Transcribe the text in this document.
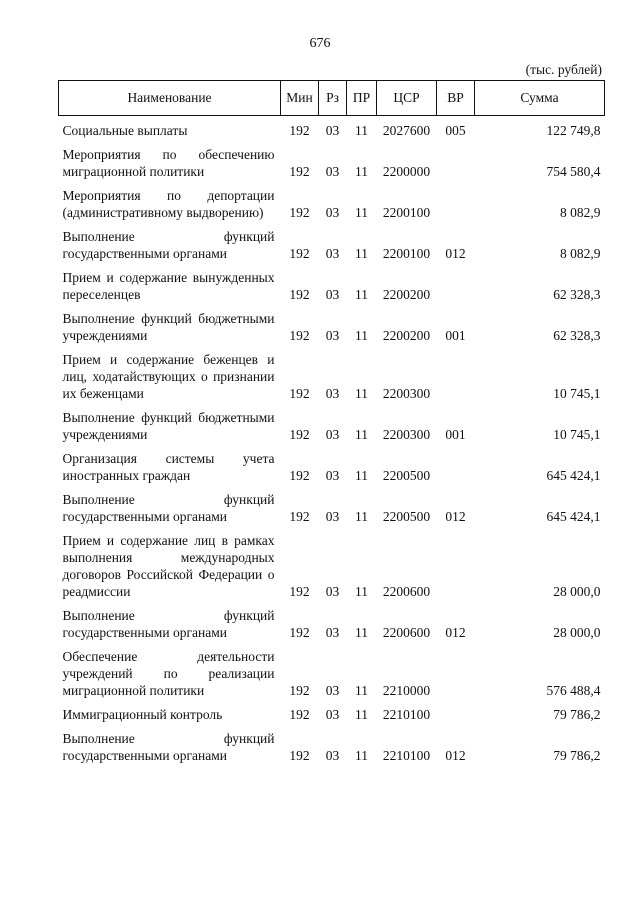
676
(тыс. рублей)
Наименование	Мин	Рз	ПР	ЦСР	ВР	Сумма
Социальные выплаты	192	03	11	2027600	005	122 749,8
Мероприятия по обеспечению миграционной политики	192	03	11	2200000		754 580,4
Мероприятия по депортации (административному выдворению)	192	03	11	2200100		8 082,9
Выполнение функций государственными органами	192	03	11	2200100	012	8 082,9
Прием и содержание вынужденных переселенцев	192	03	11	2200200		62 328,3
Выполнение функций бюджетными учреждениями	192	03	11	2200200	001	62 328,3
Прием и содержание беженцев и лиц, ходатайствующих о признании их беженцами	192	03	11	2200300		10 745,1
Выполнение функций бюджетными учреждениями	192	03	11	2200300	001	10 745,1
Организация системы учета иностранных граждан	192	03	11	2200500		645 424,1
Выполнение функций государственными органами	192	03	11	2200500	012	645 424,1
Прием и содержание лиц в рамках выполнения международных договоров Российской Федерации о реадмиссии	192	03	11	2200600		28 000,0
Выполнение функций государственными органами	192	03	11	2200600	012	28 000,0
Обеспечение деятельности учреждений по реализации миграционной политики	192	03	11	2210000		576 488,4
Иммиграционный контроль	192	03	11	2210100		79 786,2
Выполнение функций государственными органами	192	03	11	2210100	012	79 786,2
